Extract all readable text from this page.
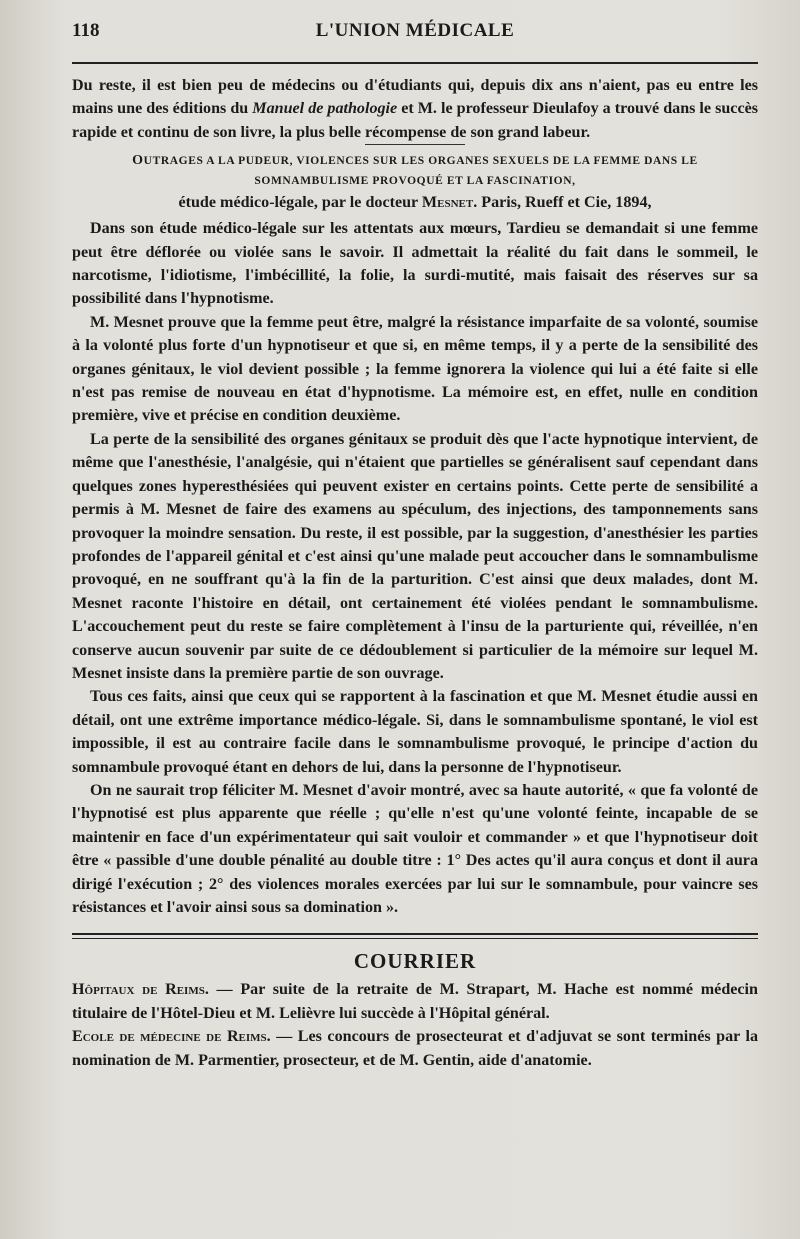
118	L'UNION MÉDICALE

Du reste, il est bien peu de médecins ou d'étudiants qui, depuis dix ans n'aient, pas eu entre les mains une des éditions du Manuel de pathologie et M. le professeur Dieulafoy a trouvé dans le succès rapide et continu de son livre, la plus belle récompense de son grand labeur.

OUTRAGES A LA PUDEUR, VIOLENCES SUR LES ORGANES SEXUELS DE LA FEMME DANS LE
SOMNAMBULISME PROVOQUÉ ET LA FASCINATION,
étude médico-légale, par le docteur Mesnet. Paris, Rueff et Cie, 1894,

Dans son étude médico-légale sur les attentats aux mœurs, Tardieu se demandait si une femme peut être déflorée ou violée sans le savoir. Il admettait la réalité du fait dans le sommeil, le narcotisme, l'idiotisme, l'imbécillité, la folie, la surdi-mutité, mais faisait des réserves sur sa possibilité dans l'hypnotisme.

M. Mesnet prouve que la femme peut être, malgré la résistance imparfaite de sa volonté, soumise à la volonté plus forte d'un hypnotiseur et que si, en même temps, il y a perte de la sensibilité des organes génitaux, le viol devient possible ; la femme ignorera la violence qui lui a été faite si elle n'est pas remise de nouveau en état d'hypnotisme. La mémoire est, en effet, nulle en condition première, vive et précise en condition deuxième.

La perte de la sensibilité des organes génitaux se produit dès que l'acte hypnotique intervient, de même que l'anesthésie, l'analgésie, qui n'étaient que partielles se généralisent sauf cependant dans quelques zones hyperesthésiées qui peuvent exister en certains points. Cette perte de sensibilité a permis à M. Mesnet de faire des examens au spéculum, des injections, des tamponnements sans provoquer la moindre sensation. Du reste, il est possible, par la suggestion, d'anesthésier les parties profondes de l'appareil génital et c'est ainsi qu'une malade peut accoucher dans le somnambulisme provoqué, en ne souffrant qu'à la fin de la parturition. C'est ainsi que deux malades, dont M. Mesnet raconte l'histoire en détail, ont certainement été violées pendant le somnambulisme. L'accouchement peut du reste se faire complètement à l'insu de la parturiente qui, réveillée, n'en conserve aucun souvenir par suite de ce dédoublement si particulier de la mémoire sur lequel M. Mesnet insiste dans la première partie de son ouvrage.

Tous ces faits, ainsi que ceux qui se rapportent à la fascination et que M. Mesnet étudie aussi en détail, ont une extrême importance médico-légale. Si, dans le somnambulisme spontané, le viol est impossible, il est au contraire facile dans le somnambulisme provoqué, le principe d'action du somnambule provoqué étant en dehors de lui, dans la personne de l'hypnotiseur.

On ne saurait trop féliciter M. Mesnet d'avoir montré, avec sa haute autorité, « que fa volonté de l'hypnotisé est plus apparente que réelle ; qu'elle n'est qu'une volonté feinte, incapable de se maintenir en face d'un expérimentateur qui sait vouloir et commander » et que l'hypnotiseur doit être « passible d'une double pénalité au double titre : 1° Des actes qu'il aura conçus et dont il aura dirigé l'exécution ; 2° des violences morales exercées par lui sur le somnambule, pour vaincre ses résistances et l'avoir ainsi sous sa domination ».

COURRIER

Hôpitaux de Reims. — Par suite de la retraite de M. Strapart, M. Hache est nommé médecin titulaire de l'Hôtel-Dieu et M. Lelièvre lui succède à l'Hôpital général.

Ecole de médecine de Reims. — Les concours de prosecteurat et d'adjuvat se sont terminés par la nomination de M. Parmentier, prosecteur, et de M. Gentin, aide d'anatomie.
